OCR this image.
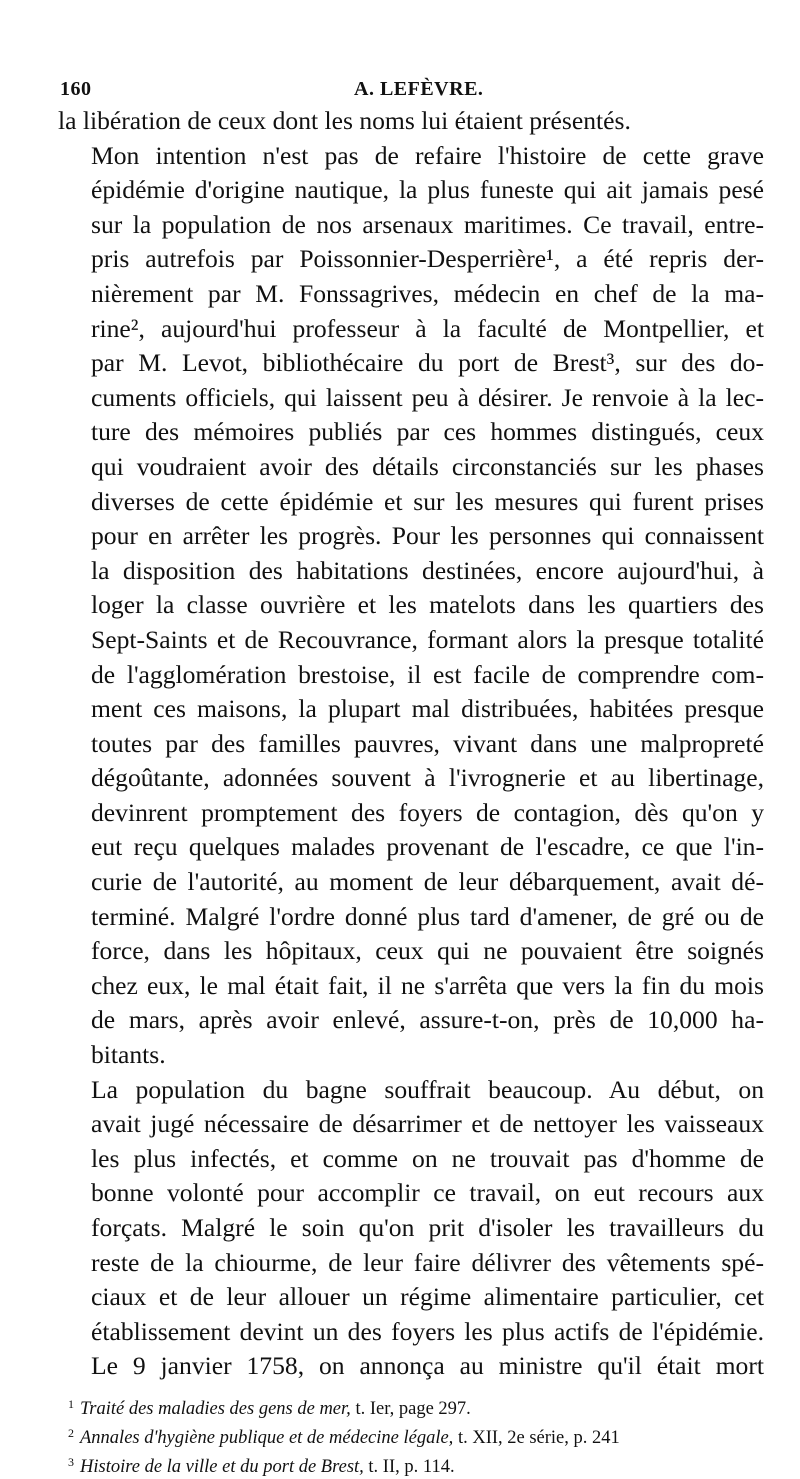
160	A. LEFÈVRE.

la libération de ceux dont les noms lui étaient présentés.

Mon intention n'est pas de refaire l'histoire de cette grave
épidémie d'origine nautique, la plus funeste qui ait jamais pesé
sur la population de nos arsenaux maritimes. Ce travail, entre-
pris autrefois par Poissonnier-Desperrière¹, a été repris der-
nièrement par M. Fonssagrives, médecin en chef de la ma-
rine², aujourd'hui professeur à la faculté de Montpellier, et
par M. Levot, bibliothécaire du port de Brest³, sur des do-
cuments officiels, qui laissent peu à désirer. Je renvoie à la lec-
ture des mémoires publiés par ces hommes distingués, ceux
qui voudraient avoir des détails circonstanciés sur les phases
diverses de cette épidémie et sur les mesures qui furent prises
pour en arrêter les progrès. Pour les personnes qui connaissent
la disposition des habitations destinées, encore aujourd'hui, à
loger la classe ouvrière et les matelots dans les quartiers des
Sept-Saints et de Recouvrance, formant alors la presque totalité
de l'agglomération brestoise, il est facile de comprendre com-
ment ces maisons, la plupart mal distribuées, habitées presque
toutes par des familles pauvres, vivant dans une malpropreté
dégoûtante, adonnées souvent à l'ivrognerie et au libertinage,
devinrent promptement des foyers de contagion, dès qu'on y
eut reçu quelques malades provenant de l'escadre, ce que l'in-
curie de l'autorité, au moment de leur débarquement, avait dé-
terminé. Malgré l'ordre donné plus tard d'amener, de gré ou de
force, dans les hôpitaux, ceux qui ne pouvaient être soignés
chez eux, le mal était fait, il ne s'arrêta que vers la fin du mois
de mars, après avoir enlevé, assure-t-on, près de 10,000 ha-
bitants.

La population du bagne souffrait beaucoup. Au début, on
avait jugé nécessaire de désarrimer et de nettoyer les vaisseaux
les plus infectés, et comme on ne trouvait pas d'homme de
bonne volonté pour accomplir ce travail, on eut recours aux
forçats. Malgré le soin qu'on prit d'isoler les travailleurs du
reste de la chiourme, de leur faire délivrer des vêtements spé-
ciaux et de leur allouer un régime alimentaire particulier, cet
établissement devint un des foyers les plus actifs de l'épidémie.
Le 9 janvier 1758, on annonça au ministre qu'il était mort

$^1$ Traité des maladies des gens de mer, t. Ier, page 297.
$^2$ Annales d'hygiène publique et de médecine légale, t. XII, 2e série, p. 241
$^3$ Histoire de la ville et du port de Brest, t. II, p. 114.
